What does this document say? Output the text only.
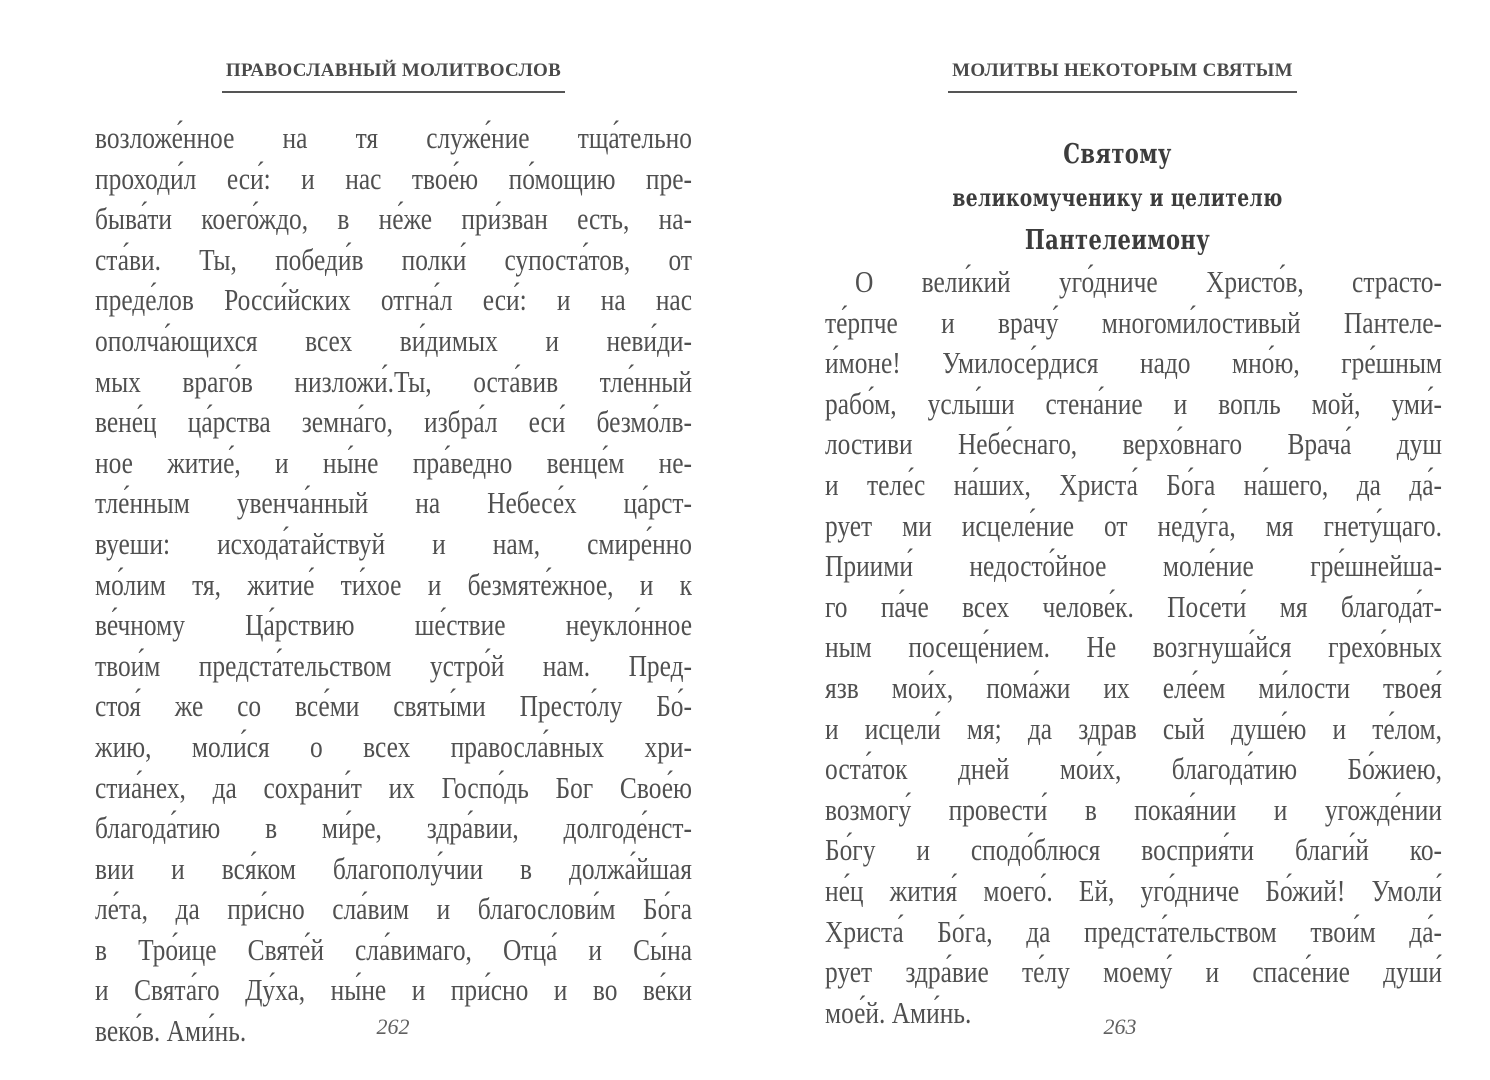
ПРАВОСЛАВНЫЙ МОЛИТВОСЛОВ
возложе́нное на тя служе́ние тща́тельно
проходи́л еси́: и нас твое́ю по́мощию пре-
быва́ти коего́ждо, в не́же при́зван есть, на-
ста́ви. Ты, победи́в полки́ супоста́тов, от
преде́лов Росси́йских отгна́л еси́: и на нас
ополча́ющихся всех ви́димых и неви́ди-
мых враго́в низложи́.Ты, оста́вив тле́нный
вене́ц ца́рства земна́го, избра́л еси́ безмо́лв-
ное житие́, и ны́не пра́ведно венце́м не-
тле́нным увенча́нный на Небесе́х ца́рст-
вуеши: исхода́тайствуй и нам, смире́нно
мо́лим тя, житие́ ти́хое и безмяте́жное, и к
ве́чному Ца́рствию ше́ствие неукло́нное
твои́м предста́тельством устро́й нам. Пред-
стоя́ же со все́ми святы́ми Престо́лу Бо́-
жию, моли́ся о всех правосла́вных хри-
стиа́нех, да сохрани́т их Госпо́дь Бог Свое́ю
благода́тию в ми́ре, здра́вии, долгоде́нст-
вии и вся́ком благополу́чии в должа́йшая
ле́та, да при́сно сла́вим и благослови́м Бо́га
в Тро́ице Святе́й сла́вимаго, Отца́ и Сы́на
и Свята́го Ду́ха, ны́не и при́сно и во ве́ки
веко́в. Ами́нь.	262
МОЛИТВЫ НЕКОТОРЫМ СВЯТЫМ
Святому
великомученику и целителю
Пантелеимону
О вели́кий уго́дниче Христо́в, страсто-
те́рпче и врачу́ многоми́лостивый Пантеле-
и́моне! Умилосе́рдися надо мно́ю, гре́шным
рабо́м, услы́ши стена́ние и вопль мой, уми́-
лостиви Небе́снаго, верхо́внаго Врача́ душ
и теле́с на́ших, Христа́ Бо́га на́шего, да да́-
рует ми исцеле́ние от неду́га, мя гнету́щаго.
Приими́ недосто́йное моле́ние гре́шнейша-
го па́че всех челове́к. Посети́ мя благода́т-
ным посеще́нием. Не возгнуша́йся грехо́вных
язв мои́х, пома́жи их еле́ем ми́лости твоея́
и исцели́ мя; да здрав сый душе́ю и те́лом,
оста́ток дней мои́х, благода́тию Бо́жиею,
возмогу́ провести́ в покая́нии и угожде́нии
Бо́гу и сподо́блюся восприя́ти благи́й ко-
не́ц жития́ моего́. Ей, уго́дниче Бо́жий! Умоли́
Христа́ Бо́га, да предста́тельством твои́м да́-
рует здра́вие те́лу моему́ и спасе́ние души́
мое́й. Ами́нь.	263
